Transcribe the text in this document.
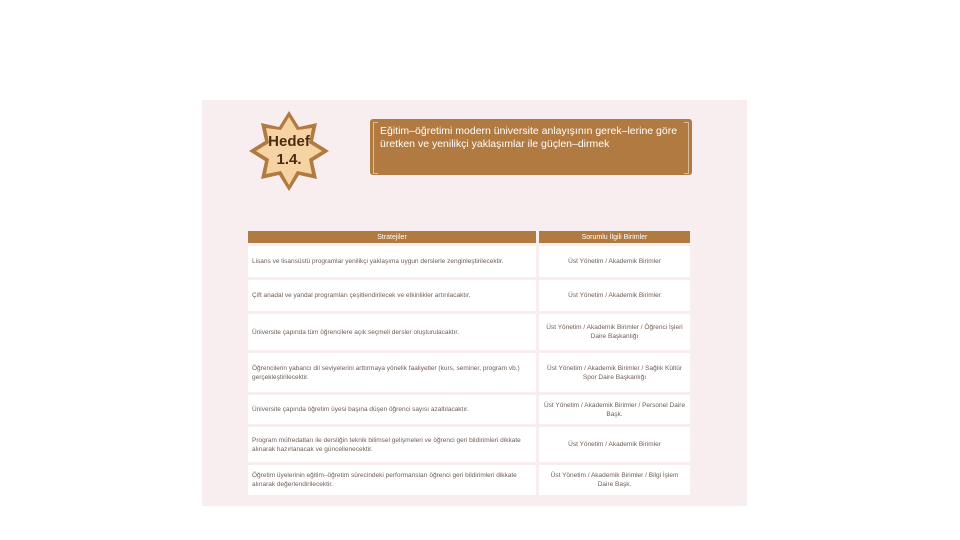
Hedef
1.4.
Eğitim–öğretimi modern üniversite anlayışının gerek–lerine göre üretken ve yenilikçi yaklaşımlar ile güçlen–dirmek
Stratejiler	Sorumlu İlgili Birimler
Lisans ve lisansüstü programlar yenilikçi yaklaşıma uygun derslerle zenginleştirilecektir.	Üst Yönetim / Akademik Birimler
Çift anadal ve yandal programları çeşitlendirilecek ve etkinlikler artırılacaktır.	Üst Yönetim / Akademik Birimler
Üniversite çapında tüm öğrencilere açık seçmeli dersler oluşturulacaktır.	Üst Yönetim / Akademik Birimler / Öğrenci İşleri Daire Başkanlığı
Öğrencilerin yabancı dil seviyelerini arttırmaya yönelik faaliyetler (kurs, seminer, program vb.) gerçekleştirilecektir.	Üst Yönetim / Akademik Birimler / Sağlık Kültür Spor Daire Başkanlığı
Üniversite çapında öğretim üyesi başına düşen öğrenci sayısı azaltılacaktır.	Üst Yönetim / Akademik Birimler / Personel Daire Başk.
Program müfredatları ile dersliğin teknik bilimsel gelişmeleri ve öğrenci geri bildirimleri dikkate alınarak hazırlanacak ve güncellenecektir.	Üst Yönetim / Akademik Birimler
Öğretim üyelerinin eğitim–öğretim sürecindeki performansları öğrenci geri bildirimleri dikkate alınarak değerlendirilecektir.	Üst Yönetim / Akademik Birimler / Bilgi İşlem Daire Başk.
